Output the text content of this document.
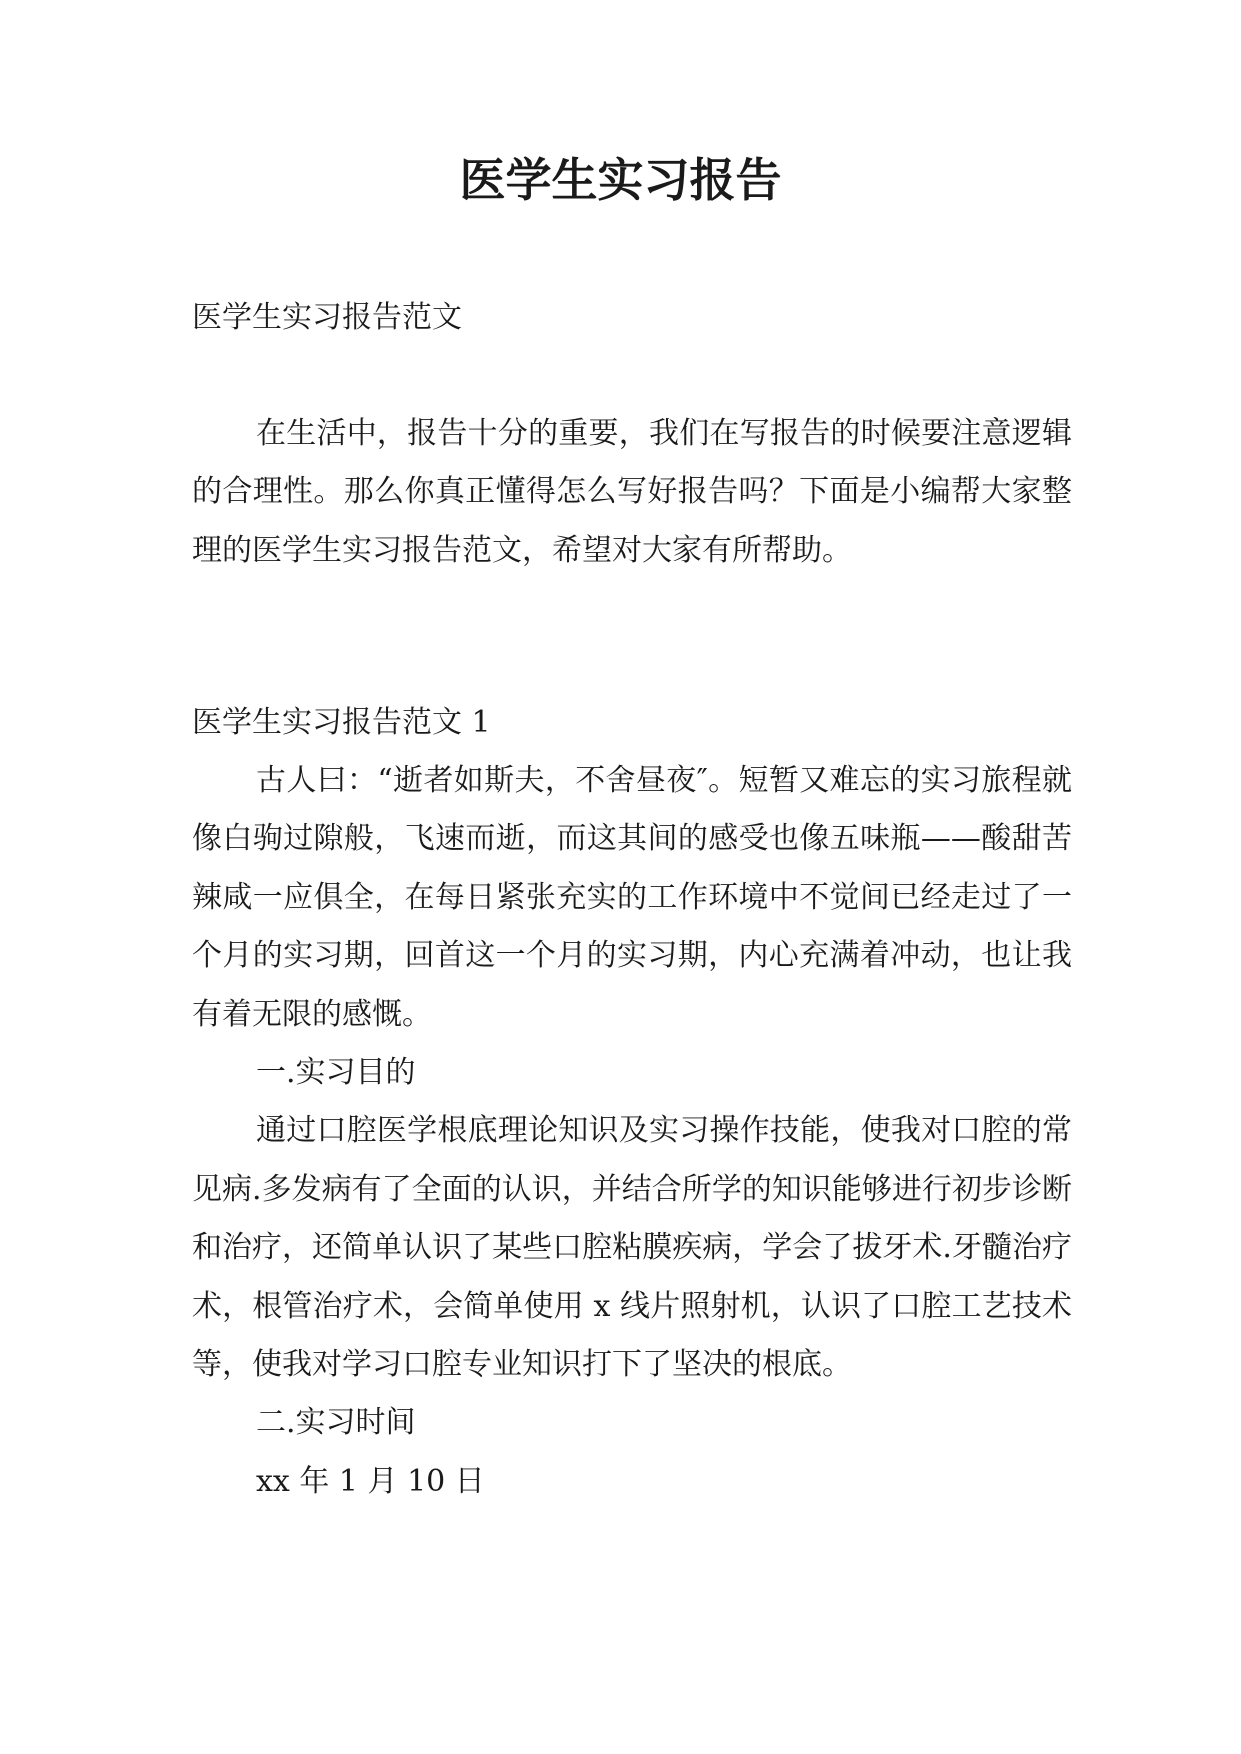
医学生实习报告

医学生实习报告范文

在生活中，报告十分的重要，我们在写报告的时候要注意逻辑的合理性。那么你真正懂得怎么写好报告吗？下面是小编帮大家整理的医学生实习报告范文，希望对大家有所帮助。

医学生实习报告范文 1

古人曰：“逝者如斯夫，不舍昼夜″。短暂又难忘的实习旅程就像白驹过隙般，飞速而逝，而这其间的感受也像五味瓶——酸甜苦辣咸一应俱全，在每日紧张充实的工作环境中不觉间已经走过了一个月的实习期，回首这一个月的实习期，内心充满着冲动，也让我有着无限的感慨。
一.实习目的
通过口腔医学根底理论知识及实习操作技能，使我对口腔的常见病.多发病有了全面的认识，并结合所学的知识能够进行初步诊断和治疗，还简单认识了某些口腔粘膜疾病，学会了拔牙术.牙髓治疗术，根管治疗术，会简单使用 x 线片照射机，认识了口腔工艺技术等，使我对学习口腔专业知识打下了坚决的根底。
二.实习时间
xx 年 1 月 10 日
